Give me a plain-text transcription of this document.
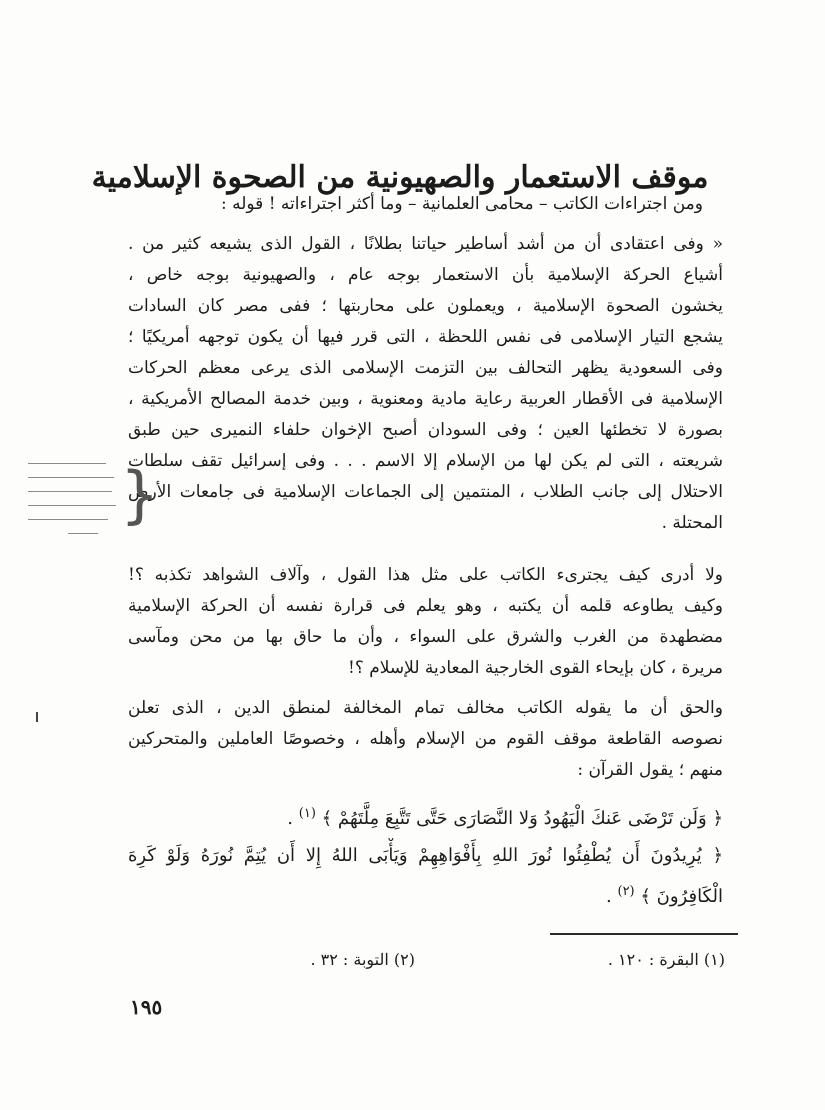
موقف الاستعمار والصهيونية من الصحوة الإسلامية
ومن اجتراءات الكاتب – محامى العلمانية – وما أكثر اجتراءاته ! قوله :
« وفى اعتقادى أن من أشد أساطير حياتنا بطلانًا ، القول الذى يشيعه كثير من .
أشياع الحركة الإسلامية بأن الاستعمار بوجه عام ، والصهيونية بوجه خاص ،
يخشون الصحوة الإسلامية ، ويعملون على محاربتها ؛ ففى مصر كان السادات
يشجع التيار الإسلامى فى نفس اللحظة ، التى قرر فيها أن يكون توجهه أمريكيًا ؛
وفى السعودية يظهر التحالف بين التزمت الإسلامى الذى يرعى معظم الحركات
الإسلامية فى الأقطار العربية رعاية مادية ومعنوية ، وبين خدمة المصالح الأمريكية ،
بصورة لا تخطئها العين ؛ وفى السودان أصبح الإخوان حلفاء النميرى حين طبق
شريعته ، التى لم يكن لها من الإسلام إلا الاسم . . . وفى إسرائيل تقف سلطات
الاحتلال إلى جانب الطلاب ، المنتمين إلى الجماعات الإسلامية فى جامعات الأرض
المحتلة .
ولا أدرى كيف يجترىء الكاتب على مثل هذا القول ، وآلاف الشواهد تكذبه ؟!
وكيف يطاوعه قلمه أن يكتبه ، وهو يعلم فى قرارة نفسه أن الحركة الإسلامية
مضطهدة من الغرب والشرق على السواء ، وأن ما حاق بها من محن ومآسى
مريرة ، كان بإيحاء القوى الخارجية المعادية للإسلام ؟!
والحق أن ما يقوله الكاتب مخالف تمام المخالفة لمنطق الدين ، الذى تعلن
نصوصه القاطعة موقف القوم من الإسلام وأهله ، وخصوصًا العاملين والمتحركين
منهم ؛ يقول القرآن :
﴿ وَلَن تَرْضَى عَنكَ الْيَهُودُ وَلا النَّصَارَى حَتَّى تَتَّبِعَ مِلَّتَهُمْ ﴾ $^{(١)}$ .
﴿ يُرِيدُونَ أَن يُطْفِئُوا نُورَ اللهِ بِأَفْوَاهِهِمْ وَيَأْبَى اللهُ إِلا أَن يُتِمَّ نُورَهُ وَلَوْ كَرِهَ
الْكَافِرُونَ ﴾ $^{(٢)}$ .
(١) البقرة : ١٢٠ .
(٢) التوبة : ٣٢ .
١٩٥
}
